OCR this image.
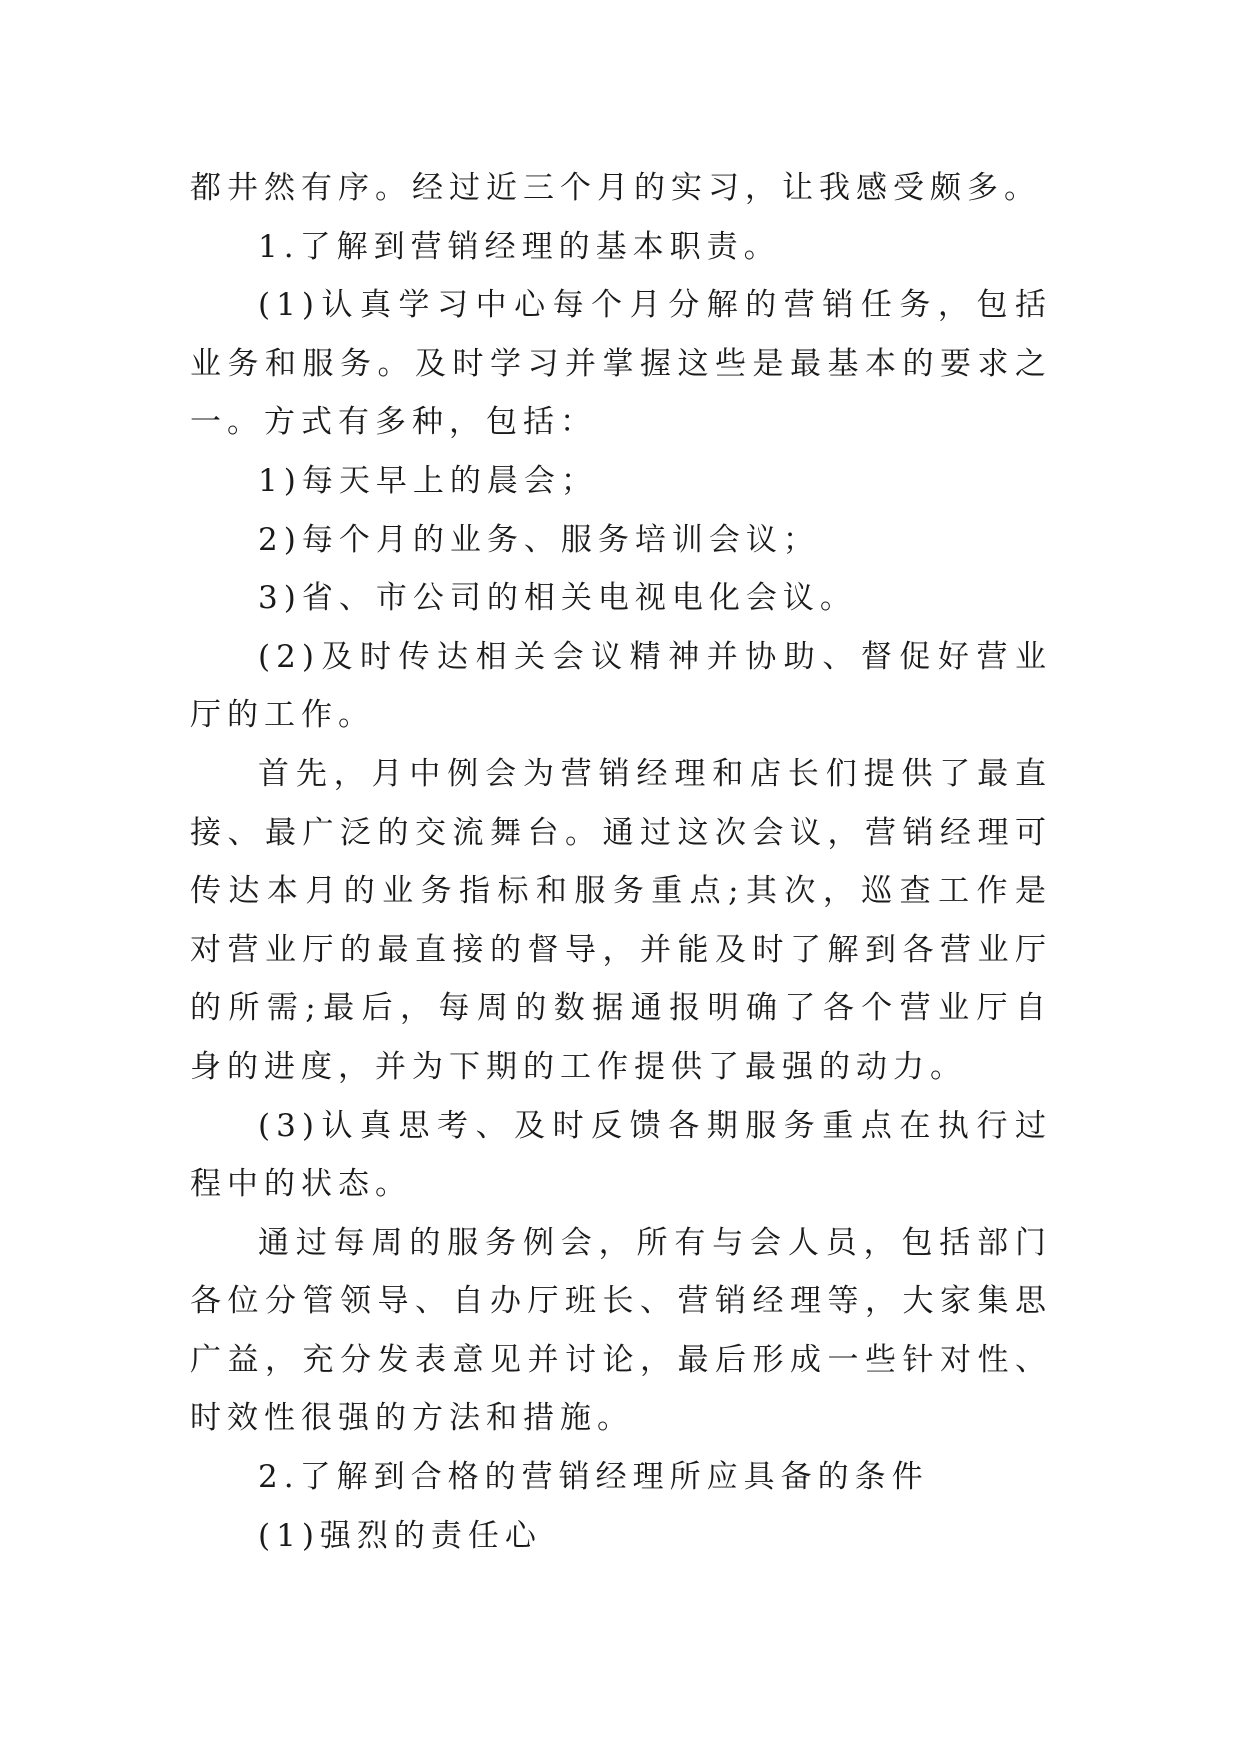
都井然有序。经过近三个月的实习，让我感受颇多。

1.了解到营销经理的基本职责。

(1)认真学习中心每个月分解的营销任务，包括业务和服务。及时学习并掌握这些是最基本的要求之一。方式有多种，包括：

1)每天早上的晨会；

2)每个月的业务、服务培训会议；

3)省、市公司的相关电视电化会议。

(2)及时传达相关会议精神并协助、督促好营业厅的工作。

首先，月中例会为营销经理和店长们提供了最直接、最广泛的交流舞台。通过这次会议，营销经理可传达本月的业务指标和服务重点;其次，巡查工作是对营业厅的最直接的督导，并能及时了解到各营业厅的所需;最后，每周的数据通报明确了各个营业厅自身的进度，并为下期的工作提供了最强的动力。

(3)认真思考、及时反馈各期服务重点在执行过程中的状态。

通过每周的服务例会，所有与会人员，包括部门各位分管领导、自办厅班长、营销经理等，大家集思广益，充分发表意见并讨论，最后形成一些针对性、时效性很强的方法和措施。

2.了解到合格的营销经理所应具备的条件

(1)强烈的责任心
